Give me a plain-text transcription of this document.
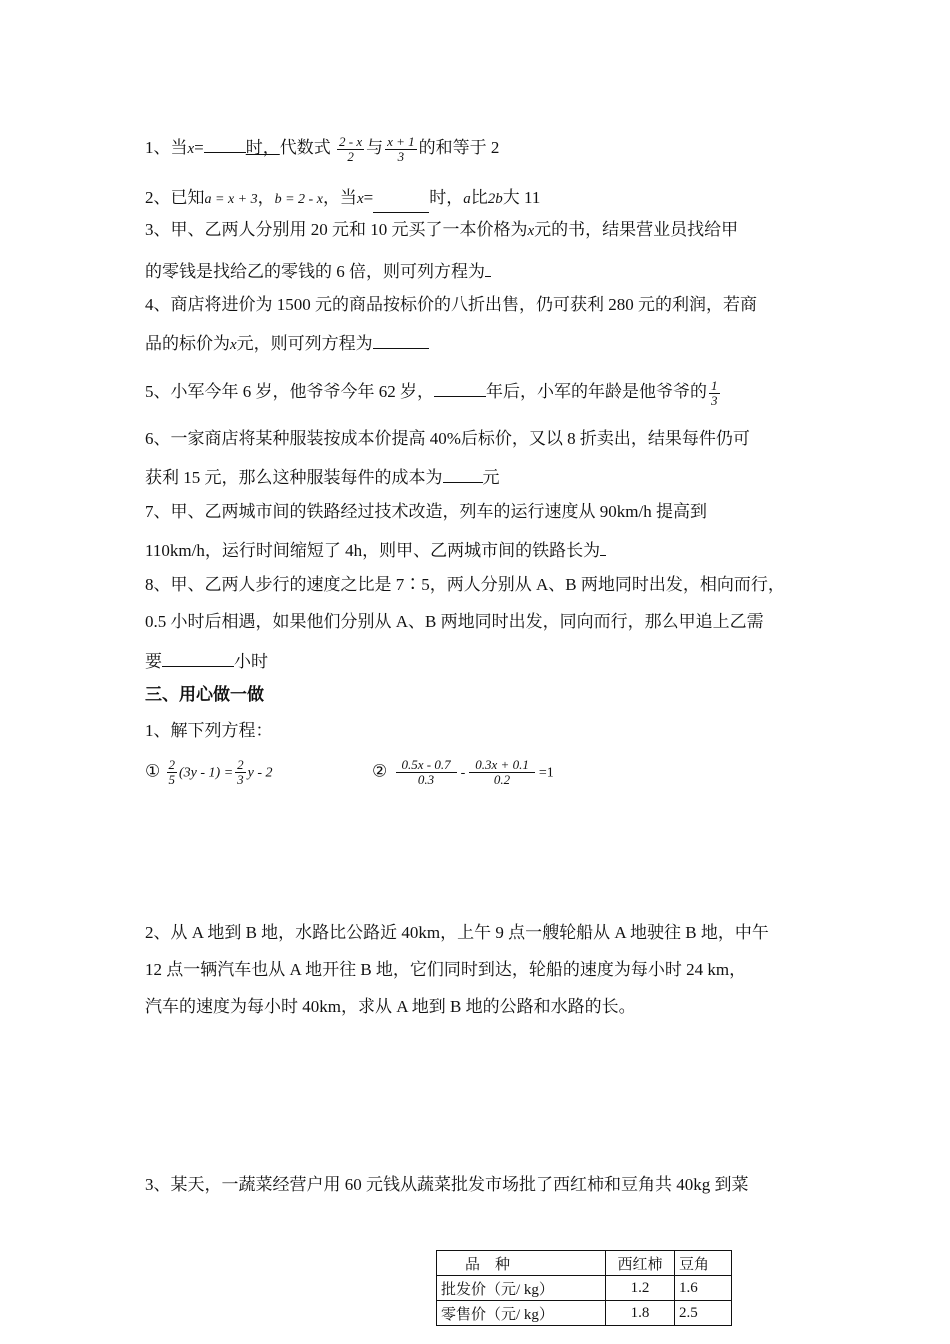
1、当x= 时，代数式 $\frac{2 - x}{2}$ 与 $\frac{x + 1}{3}$ 的和等于 2
2、已知a = x + 3，b = 2 - x，当x=	时，a比2b大 11
3、甲、乙两人分别用 20 元和 10 元买了一本价格为x元的书，结果营业员找给甲
的零钱是找给乙的零钱的 6 倍，则可列方程为
4、商店将进价为 1500 元的商品按标价的八折出售，仍可获利 280 元的利润，若商
品的标价为x元，则可列方程为
5、小军今年 6 岁，他爷爷今年 62 岁，	年后，小军的年龄是他爷爷的 $\frac{1}{3}$
6、一家商店将某种服装按成本价提高 40%后标价，又以 8 折卖出，结果每件仍可
获利 15 元，那么这种服装每件的成本为 元
7、甲、乙两城市间的铁路经过技术改造，列车的运行速度从 90km/h 提高到
110km/h，运行时间缩短了 4h，则甲、乙两城市间的铁路长为
8、甲、乙两人步行的速度之比是 7∶5，两人分别从 A、B 两地同时出发，相向而行，
0.5 小时后相遇，如果他们分别从 A、B 两地同时出发，同向而行，那么甲追上乙需
要	小时
三、用心做一做
1、解下列方程：
① $\frac{2}{5} (3y - 1) = \frac{2}{3}$ y - 2	② $\frac{0.5x - 0.7}{0.3} - \frac{0.3x + 0.1}{0.2} =1$
2、从 A 地到 B 地，水路比公路近 40km，上午 9 点一艘轮船从 A 地驶往 B 地，中午
12 点一辆汽车也从 A 地开往 B 地，它们同时到达，轮船的速度为每小时 24 km，
汽车的速度为每小时 40km，求从 A 地到 B 地的公路和水路的长。
3、某天，一蔬菜经营户用 60 元钱从蔬菜批发市场批了西红柿和豆角共 40kg 到菜
品　种	西红柿	豆角
批发价（元/ kg）	1.2	1.6
零售价（元/ kg）	1.8	2.5
